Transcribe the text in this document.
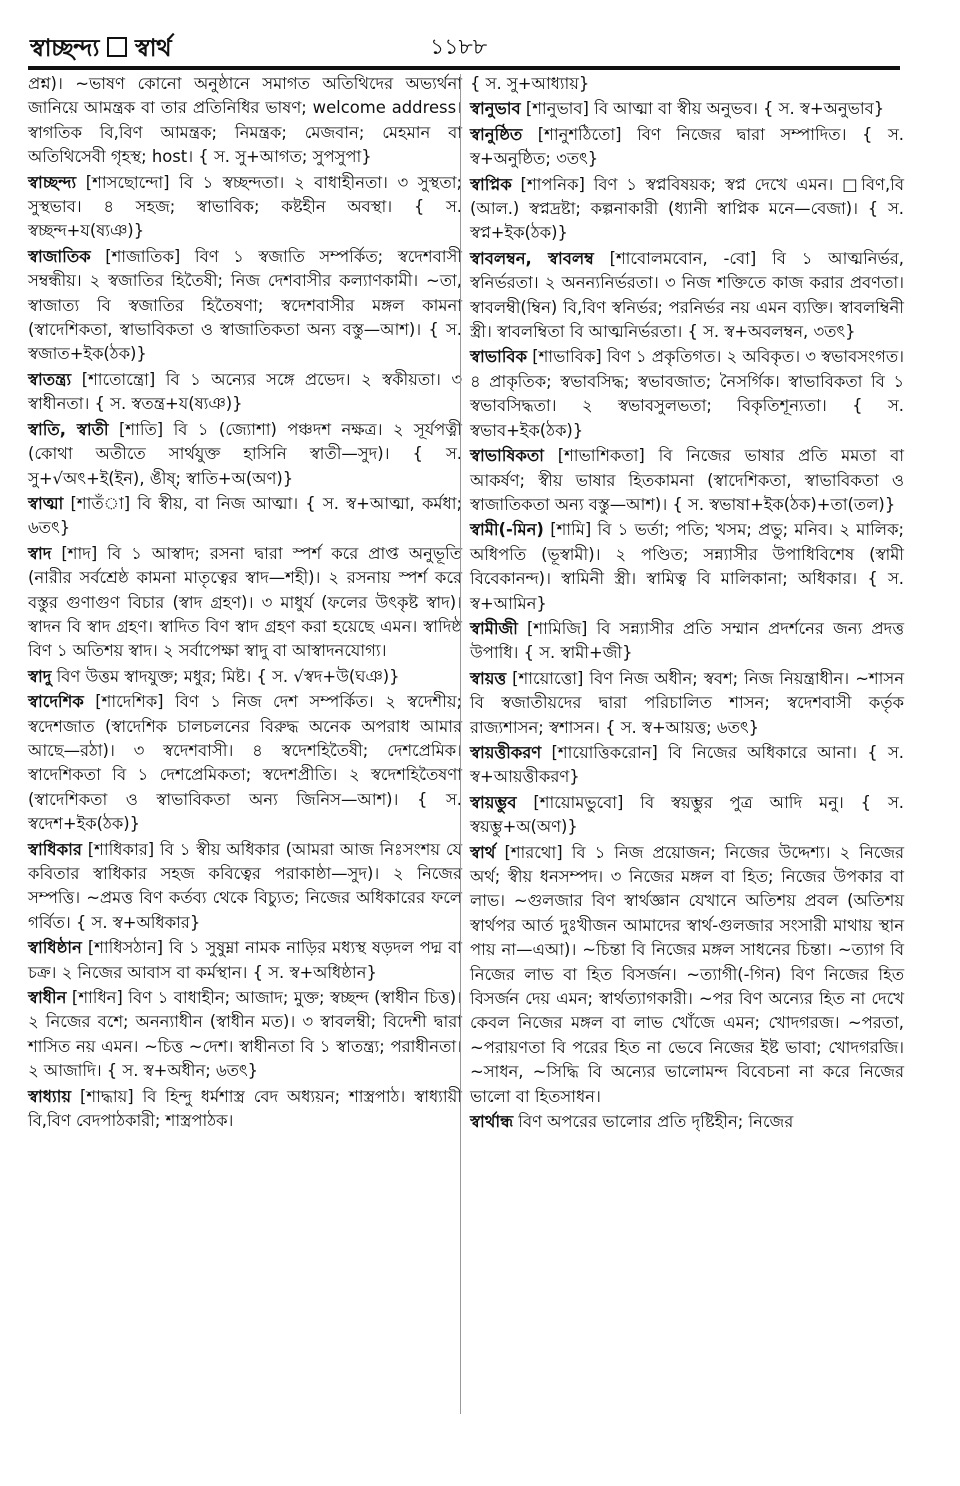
স্বাচ্ছন্দ্য স্বার্থ	১১৮৮
প্রশ্ন)। ~ভাষণ কোনো অনুষ্ঠানে সমাগত অতিথিদের অভ্যর্থনা জানিয়ে আমন্ত্রক বা তার প্রতিনিধির ভাষণ; welcome address। স্বাগতিক বি,বিণ আমন্ত্রক; নিমন্ত্রক; মেজবান; মেহমান বা অতিথিসেবী গৃহস্থ; host। { স. সু+আগত; সুপসুপা}
স্বাচ্ছন্দ্য [শাসছোন্দো] বি ১ স্বচ্ছন্দতা। ২ বাধাহীনতা। ৩ সুস্থতা; সুস্থভাব। ৪ সহজ; স্বাভাবিক; কষ্টহীন অবস্থা। { স. স্বচ্ছন্দ+য(ষ্যঞ)}
স্বাজাতিক [শাজাতিক] বিণ ১ স্বজাতি সম্পর্কিত; স্বদেশবাসী সম্বন্ধীয়। ২ স্বজাতির হিতৈষী; নিজ দেশবাসীর কল্যাণকামী। ~তা, স্বাজাত্য বি স্বজাতির হিতৈষণা; স্বদেশবাসীর মঙ্গল কামনা (স্বাদেশিকতা, স্বাভাবিকতা ও স্বাজাতিকতা অন্য বস্তু—আশ)। { স. স্বজাত+ইক(ঠক)}
স্বাতন্ত্র্য [শাতোন্ত্রো] বি ১ অন্যের সঙ্গে প্রভেদ। ২ স্বকীয়তা। ৩ স্বাধীনতা। { স. স্বতন্ত্র+য(ষ্যঞ)}
স্বাতি, স্বাতী [শাতি] বি ১ (জ্যোশা) পঞ্চদশ নক্ষত্র। ২ সূর্যপত্নী (কোথা অতীতে সার্থযুক্ত হাসিনি স্বাতী—সুদ)। { স. সু+√অৎ+ই(ইন), ঙীষ্; স্বাতি+অ(অণ)}
স্বাত্মা [শাতঁা] বি স্বীয়, বা নিজ আত্মা। { স. স্ব+আত্মা, কর্মধা; ৬তৎ}
স্বাদ [শাদ] বি ১ আস্বাদ; রসনা দ্বারা স্পর্শ করে প্রাপ্ত অনুভূতি (নারীর সর্বশ্রেষ্ঠ কামনা মাতৃত্বের স্বাদ—শহী)। ২ রসনায় স্পর্শ করে বস্তুর গুণাগুণ বিচার (স্বাদ গ্রহণ)। ৩ মাধুর্য (ফলের উৎকৃষ্ট স্বাদ)। স্বাদন বি স্বাদ গ্রহণ। স্বাদিত বিণ স্বাদ গ্রহণ করা হয়েছে এমন। স্বাদিষ্ঠ বিণ ১ অতিশয় স্বাদ। ২ সর্বাপেক্ষা স্বাদু বা আস্বাদনযোগ্য।
স্বাদু বিণ উত্তম স্বাদযুক্ত; মধুর; মিষ্ট। { স. √স্বদ+উ(ঘঞ)}
স্বাদেশিক [শাদেশিক] বিণ ১ নিজ দেশ সম্পর্কিত। ২ স্বদেশীয়; স্বদেশজাত (স্বাদেশিক চালচলনের বিরুদ্ধ অনেক অপরাধ আমার আছে—রঠা)। ৩ স্বদেশবাসী। ৪ স্বদেশহিতৈষী; দেশপ্রেমিক। স্বাদেশিকতা বি ১ দেশপ্রেমিকতা; স্বদেশপ্রীতি। ২ স্বদেশহিতৈষণা (স্বাদেশিকতা ও স্বাভাবিকতা অন্য জিনিস—আশ)। { স. স্বদেশ+ইক(ঠক)}
স্বাধিকার [শাধিকার] বি ১ স্বীয় অধিকার (আমরা আজ নিঃসংশয় যে কবিতার স্বাধিকার সহজ কবিত্বের পরাকাষ্ঠা—সুদ)। ২ নিজের সম্পত্তি। ~প্রমত্ত বিণ কর্তব্য থেকে বিচ্যুত; নিজের অধিকারের ফলে গর্বিত। { স. স্ব+অধিকার}
স্বাধিষ্ঠান [শাধিসঠান] বি ১ সুষুম্না নামক নাড়ির মধ্যস্থ ষড়দল পদ্ম বা চক্র। ২ নিজের আবাস বা কর্মস্থান। { স. স্ব+অধিষ্ঠান}
স্বাধীন [শাধিন] বিণ ১ বাধাহীন; আজাদ; মুক্ত; স্বচ্ছন্দ (স্বাধীন চিত্ত)। ২ নিজের বশে; অনন্যাধীন (স্বাধীন মত)। ৩ স্বাবলম্বী; বিদেশী দ্বারা শাসিত নয় এমন। ~চিত্ত ~দেশ। স্বাধীনতা বি ১ স্বাতন্ত্র্য; পরাধীনতা। ২ আজাদি। { স. স্ব+অধীন; ৬তৎ}
স্বাধ্যায় [শাদ্ধায়] বি হিন্দু ধর্মশাস্ত্র বেদ অধ্যয়ন; শাস্ত্রপাঠ। স্বাধ্যায়ী বি,বিণ বেদপাঠকারী; শাস্ত্রপাঠক।
{ স. সু+আধ্যায়}
স্বানুভাব [শানুভাব] বি আত্মা বা স্বীয় অনুভব। { স. স্ব+অনুভাব}
স্বানুষ্ঠিত [শানুশঠিতো] বিণ নিজের দ্বারা সম্পাদিত। { স. স্ব+অনুষ্ঠিত; ৩তৎ}
স্বাপ্নিক [শাপনিক] বিণ ১ স্বপ্নবিষয়ক; স্বপ্ন দেখে এমন। □বিণ,বি (আল.) স্বপ্নদ্রষ্টা; কল্পনাকারী (ধ্যানী স্বাপ্নিক মনে—বেজা)। { স. স্বপ্ন+ইক(ঠক)}
স্বাবলম্বন, স্বাবলম্ব [শাবোলমবোন, -বো] বি ১ আত্মনির্ভর, স্বনির্ভরতা। ২ অনন্যনির্ভরতা। ৩ নিজ শক্তিতে কাজ করার প্রবণতা। স্বাবলম্বী(ম্বিন) বি,বিণ স্বনির্ভর; পরনির্ভর নয় এমন ব্যক্তি। স্বাবলম্বিনী স্ত্রী। স্বাবলম্বিতা বি আত্মনির্ভরতা। { স. স্ব+অবলম্বন, ৩তৎ}
স্বাভাবিক [শাভাবিক] বিণ ১ প্রকৃতিগত। ২ অবিকৃত। ৩ স্বভাবসংগত। ৪ প্রাকৃতিক; স্বভাবসিদ্ধ; স্বভাবজাত; নৈসর্গিক। স্বাভাবিকতা বি ১ স্বভাবসিদ্ধতা। ২ স্বভাবসুলভতা; বিকৃতিশূন্যতা। { স. স্বভাব+ইক(ঠক)}
স্বাভাষিকতা [শাভাশিকতা] বি নিজের ভাষার প্রতি মমতা বা আকর্ষণ; স্বীয় ভাষার হিতকামনা (স্বাদেশিকতা, স্বাভাবিকতা ও স্বাজাতিকতা অন্য বস্তু—আশ)। { স. স্বভাষা+ইক(ঠক)+তা(তল)}
স্বামী(-মিন) [শামি] বি ১ ভর্তা; পতি; খসম; প্রভু; মনিব। ২ মালিক; অধিপতি (ভূস্বামী)। ২ পণ্ডিত; সন্ন্যাসীর উপাধিবিশেষ (স্বামী বিবেকানন্দ)। স্বামিনী স্ত্রী। স্বামিত্ব বি মালিকানা; অধিকার। { স. স্ব+আমিন}
স্বামীজী [শামিজি] বি সন্ন্যাসীর প্রতি সম্মান প্রদর্শনের জন্য প্রদত্ত উপাধি। { স. স্বামী+জী}
স্বায়ত্ত [শায়োত্তো] বিণ নিজ অধীন; স্ববশ; নিজ নিয়ন্ত্রাধীন। ~শাসন বি স্বজাতীয়দের দ্বারা পরিচালিত শাসন; স্বদেশবাসী কর্তৃক রাজ্যশাসন; স্বশাসন। { স. স্ব+আয়ত্ত; ৬তৎ}
স্বায়ত্তীকরণ [শায়োত্তিকরোন] বি নিজের অধিকারে আনা। { স. স্ব+আয়ত্তীকরণ}
স্বায়ম্ভুব [শায়োমভুবো] বি স্বয়ম্ভুর পুত্র আদি মনু। { স. স্বয়ম্ভু+অ(অণ)}
স্বার্থ [শারথো] বি ১ নিজ প্রয়োজন; নিজের উদ্দেশ্য। ২ নিজের অর্থ; স্বীয় ধনসম্পদ। ৩ নিজের মঙ্গল বা হিত; নিজের উপকার বা লাভ। ~গুলজার বিণ স্বার্থজ্ঞান যেখানে অতিশয় প্রবল (অতিশয় স্বার্থপর আর্ত দুঃখীজন আমাদের স্বার্থ-গুলজার সংসারী মাথায় স্থান পায় না—এআ)। ~চিন্তা বি নিজের মঙ্গল সাধনের চিন্তা। ~ত্যাগ বি নিজের লাভ বা হিত বিসর্জন। ~ত্যাগী(-গিন) বিণ নিজের হিত বিসর্জন দেয় এমন; স্বার্থত্যাগকারী। ~পর বিণ অন্যের হিত না দেখে কেবল নিজের মঙ্গল বা লাভ খোঁজে এমন; খোদগরজ। ~পরতা, ~পরায়ণতা বি পরের হিত না ভেবে নিজের ইষ্ট ভাবা; খোদগরজি। ~সাধন, ~সিদ্ধি বি অন্যের ভালোমন্দ বিবেচনা না করে নিজের ভালো বা হিতসাধন।
স্বার্থান্ধ বিণ অপরের ভালোর প্রতি দৃষ্টিহীন; নিজের
